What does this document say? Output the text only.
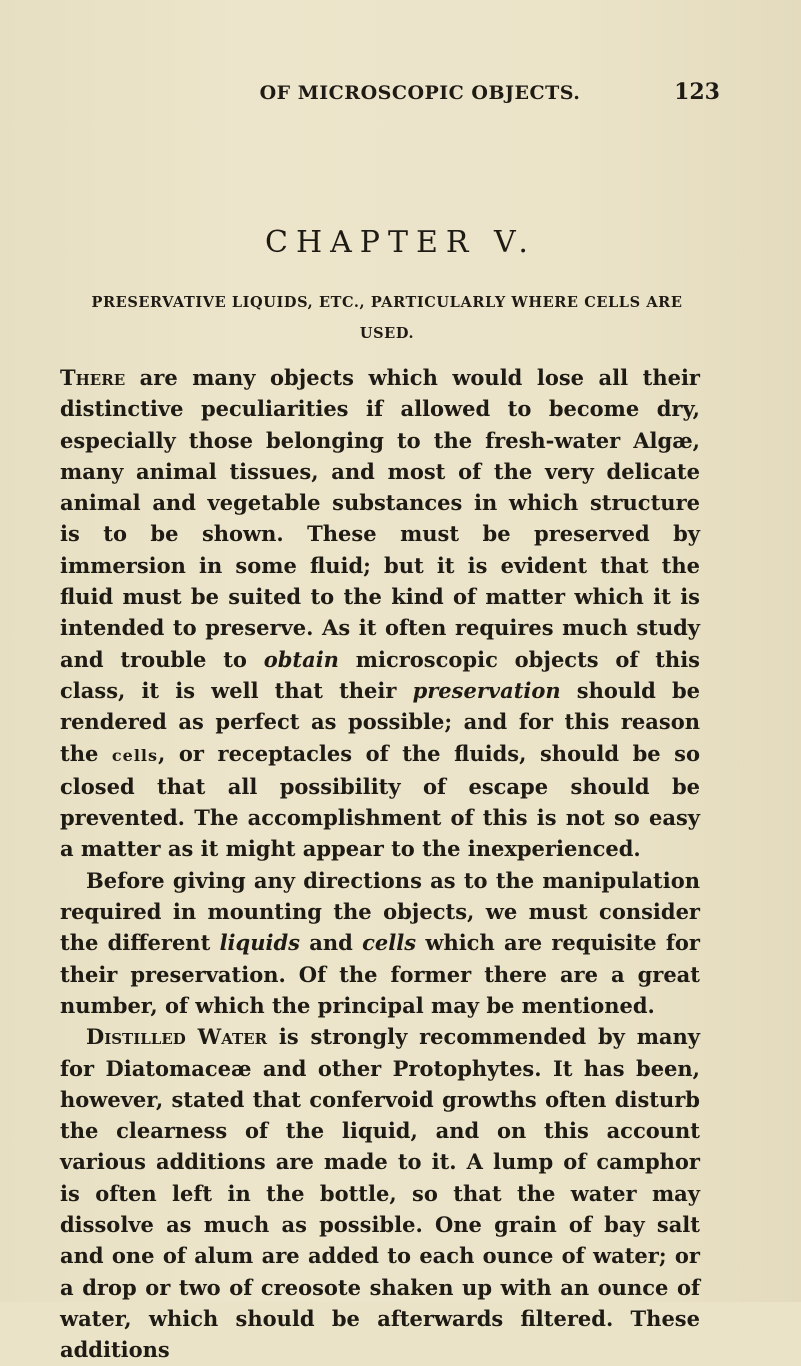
OF MICROSCOPIC OBJECTS.	123
CHAPTER V.
PRESERVATIVE LIQUIDS, ETC., PARTICULARLY WHERE CELLS ARE USED.

There are many objects which would lose all their distinctive peculiarities if allowed to become dry, especially those belonging to the fresh-water Algæ, many animal tissues, and most of the very delicate animal and vegetable substances in which structure is to be shown. These must be preserved by immersion in some fluid; but it is evident that the fluid must be suited to the kind of matter which it is intended to preserve. As it often requires much study and trouble to obtain microscopic objects of this class, it is well that their preservation should be rendered as perfect as possible; and for this reason the cells, or receptacles of the fluids, should be so closed that all possibility of escape should be prevented. The accomplishment of this is not so easy a matter as it might appear to the inexperienced.

Before giving any directions as to the manipulation required in mounting the objects, we must consider the different liquids and cells which are requisite for their preservation. Of the former there are a great number, of which the principal may be mentioned.

Distilled Water is strongly recommended by many for Diatomaceæ and other Protophytes. It has been, however, stated that confervoid growths often disturb the clearness of the liquid, and on this account various additions are made to it. A lump of camphor is often left in the bottle, so that the water may dissolve as much as possible. One grain of bay salt and one of alum are added to each ounce of water; or a drop or two of creosote shaken up with an ounce of water, which should be afterwards filtered. These additions
